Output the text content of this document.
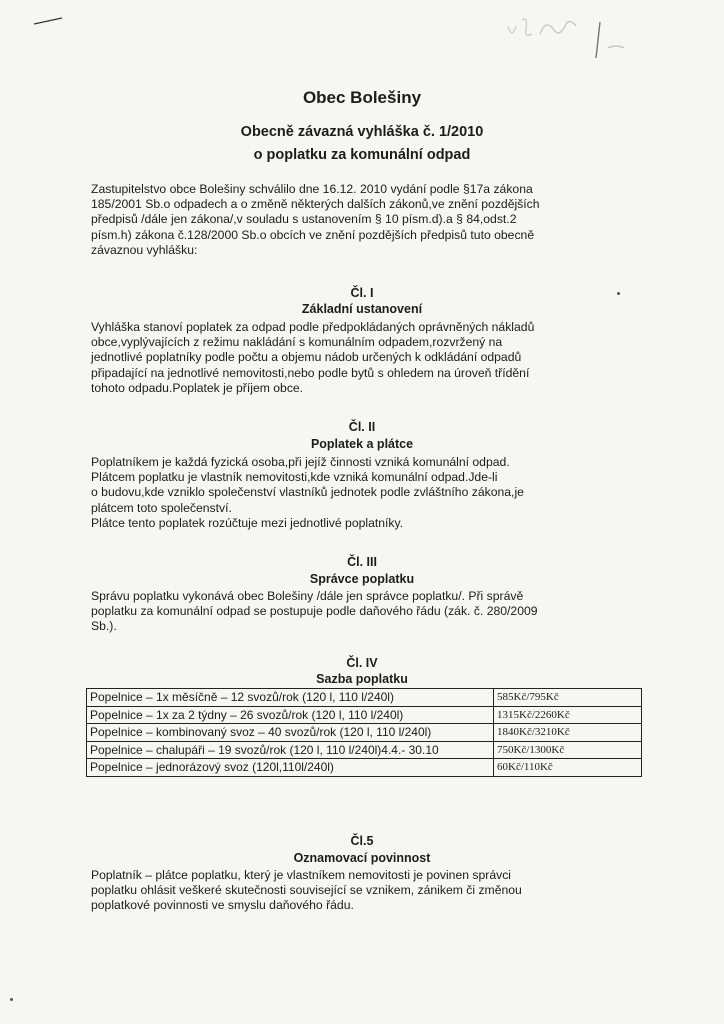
Obec Bolešiny
Obecně závazná vyhláška č. 1/2010
o poplatku za komunální odpad
Zastupitelstvo obce Bolešiny schválilo dne 16.12. 2010 vydání podle §17a zákona
185/2001 Sb.o odpadech a o změně některých dalších zákonů,ve znění pozdějších
předpisů /dále jen zákona/,v souladu s ustanovením § 10 písm.d).a § 84,odst.2
písm.h) zákona č.128/2000 Sb.o obcích ve znění pozdějších předpisů tuto obecně
závaznou vyhlášku:
Čl. I
Základní ustanovení
Vyhláška stanoví poplatek za odpad podle předpokládaných oprávněných nákladů
obce,vyplývajících z režimu nakládání s komunálním odpadem,rozvržený na
jednotlivé poplatníky podle počtu a objemu nádob určených k odkládání odpadů
připadající na jednotlivé nemovitosti,nebo podle bytů s ohledem na úroveň třídění
tohoto odpadu.Poplatek je příjem obce.
Čl. II
Poplatek a plátce
Poplatníkem je každá fyzická osoba,při jejíž činnosti vzniká komunální odpad.
Plátcem poplatku je vlastník nemovitosti,kde vzniká komunální odpad.Jde-li
o budovu,kde vzniklo společenství vlastníků jednotek podle zvláštního zákona,je
plátcem toto společenství.
Plátce tento poplatek rozúčtuje mezi jednotlivé poplatníky.
Čl. III
Správce poplatku
Správu poplatku vykonává obec Bolešiny /dále jen správce poplatku/. Při správě
poplatku za komunální odpad se postupuje podle daňového řádu (zák. č. 280/2009
Sb.).
Čl. IV
Sazba poplatku
Popelnice – 1x měsíčně – 12 svozů/rok (120 l, 110 l/240l)	585Kč/795Kč
Popelnice – 1x za 2 týdny – 26 svozů/rok (120 l, 110 l/240l)	1315Kč/2260Kč
Popelnice – kombinovaný svoz – 40 svozů/rok (120 l, 110 l/240l)	1840Kč/3210Kč
Popelnice – chalupáři – 19 svozů/rok (120 l, 110 l/240l)4.4.- 30.10	750Kč/1300Kč
Popelnice – jednorázový svoz (120l,110l/240l)	60Kč/110Kč
Čl.5
Oznamovací povinnost
Poplatník – plátce poplatku, který je vlastníkem nemovitosti je povinen správci
poplatku ohlásit veškeré skutečnosti související se vznikem, zánikem či změnou
poplatkové povinnosti ve smyslu daňového řádu.
